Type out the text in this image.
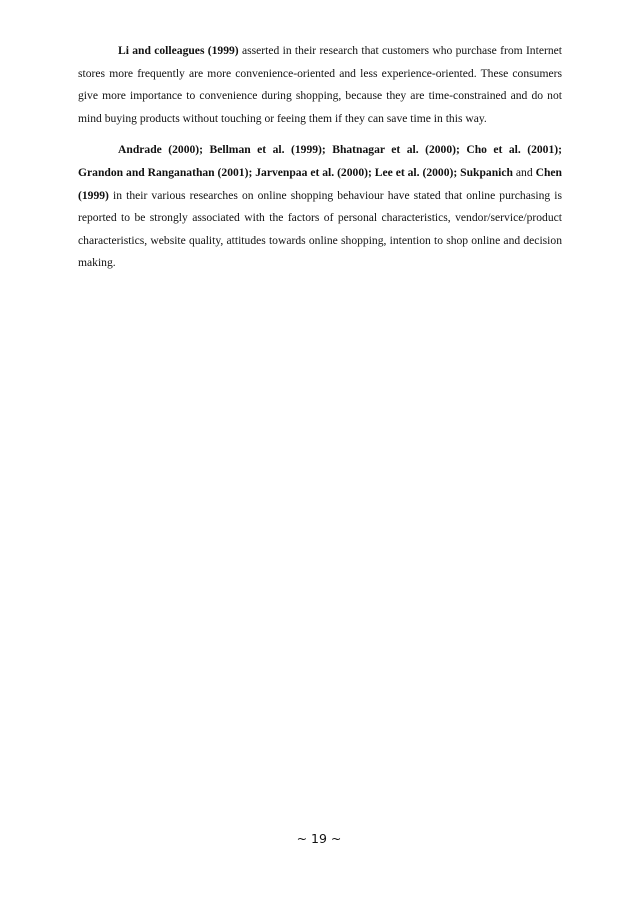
Li and colleagues (1999) asserted in their research that customers who purchase from Internet stores more frequently are more convenience-oriented and less experience-oriented. These consumers give more importance to convenience during shopping, because they are time-constrained and do not mind buying products without touching or feeing them if they can save time in this way.

Andrade (2000); Bellman et al. (1999); Bhatnagar et al. (2000); Cho et al. (2001); Grandon and Ranganathan (2001); Jarvenpaa et al. (2000); Lee et al. (2000); Sukpanich and Chen (1999) in their various researches on online shopping behaviour have stated that online purchasing is reported to be strongly associated with the factors of personal characteristics, vendor/service/product characteristics, website quality, attitudes towards online shopping, intention to shop online and decision making.

~ 19 ~
